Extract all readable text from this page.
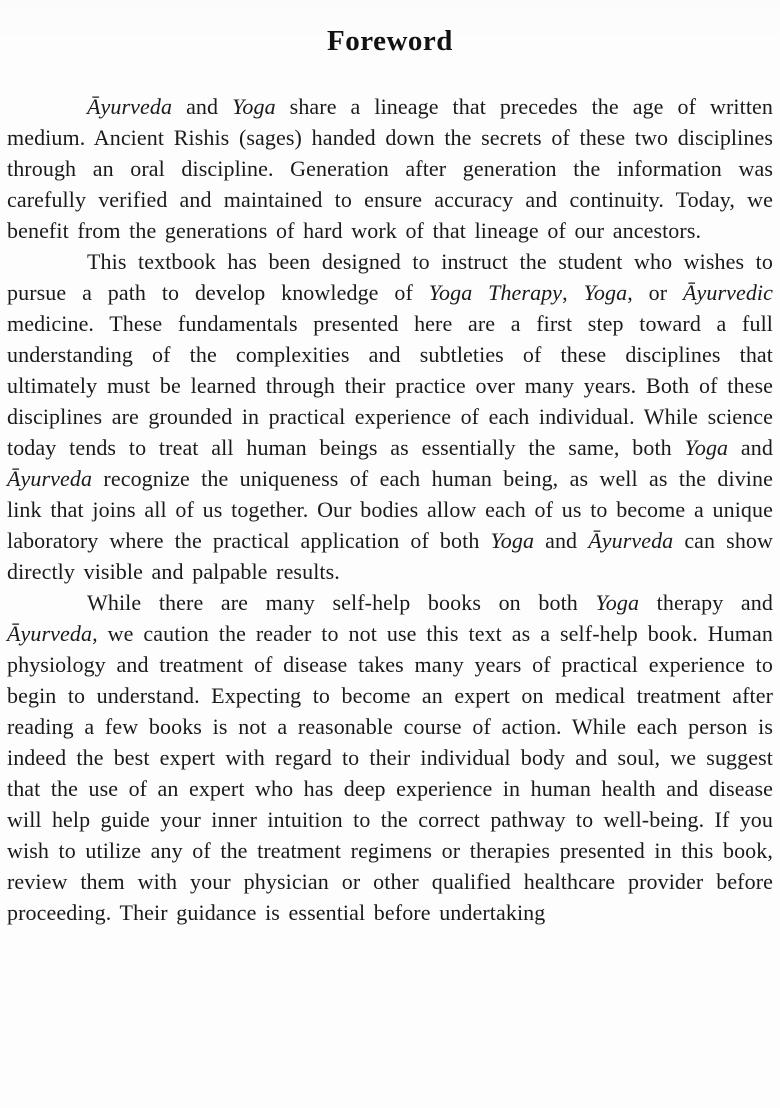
Foreword

Āyurveda and Yoga share a lineage that precedes the age of written medium. Ancient Rishis (sages) handed down the secrets of these two disciplines through an oral discipline. Generation after generation the information was carefully verified and maintained to ensure accuracy and continuity. Today, we benefit from the generations of hard work of that lineage of our ancestors.

This textbook has been designed to instruct the student who wishes to pursue a path to develop knowledge of Yoga Therapy, Yoga, or Āyurvedic medicine. These fundamentals presented here are a first step toward a full understanding of the complexities and subtleties of these disciplines that ultimately must be learned through their practice over many years. Both of these disciplines are grounded in practical experience of each individual. While science today tends to treat all human beings as essentially the same, both Yoga and Āyurveda recognize the uniqueness of each human being, as well as the divine link that joins all of us together. Our bodies allow each of us to become a unique laboratory where the practical application of both Yoga and Āyurveda can show directly visible and palpable results.

While there are many self-help books on both Yoga therapy and Āyurveda, we caution the reader to not use this text as a self-help book. Human physiology and treatment of disease takes many years of practical experience to begin to understand. Expecting to become an expert on medical treatment after reading a few books is not a reasonable course of action. While each person is indeed the best expert with regard to their individual body and soul, we suggest that the use of an expert who has deep experience in human health and disease will help guide your inner intuition to the correct pathway to well-being. If you wish to utilize any of the treatment regimens or therapies presented in this book, review them with your physician or other qualified healthcare provider before proceeding. Their guidance is essential before undertaking
